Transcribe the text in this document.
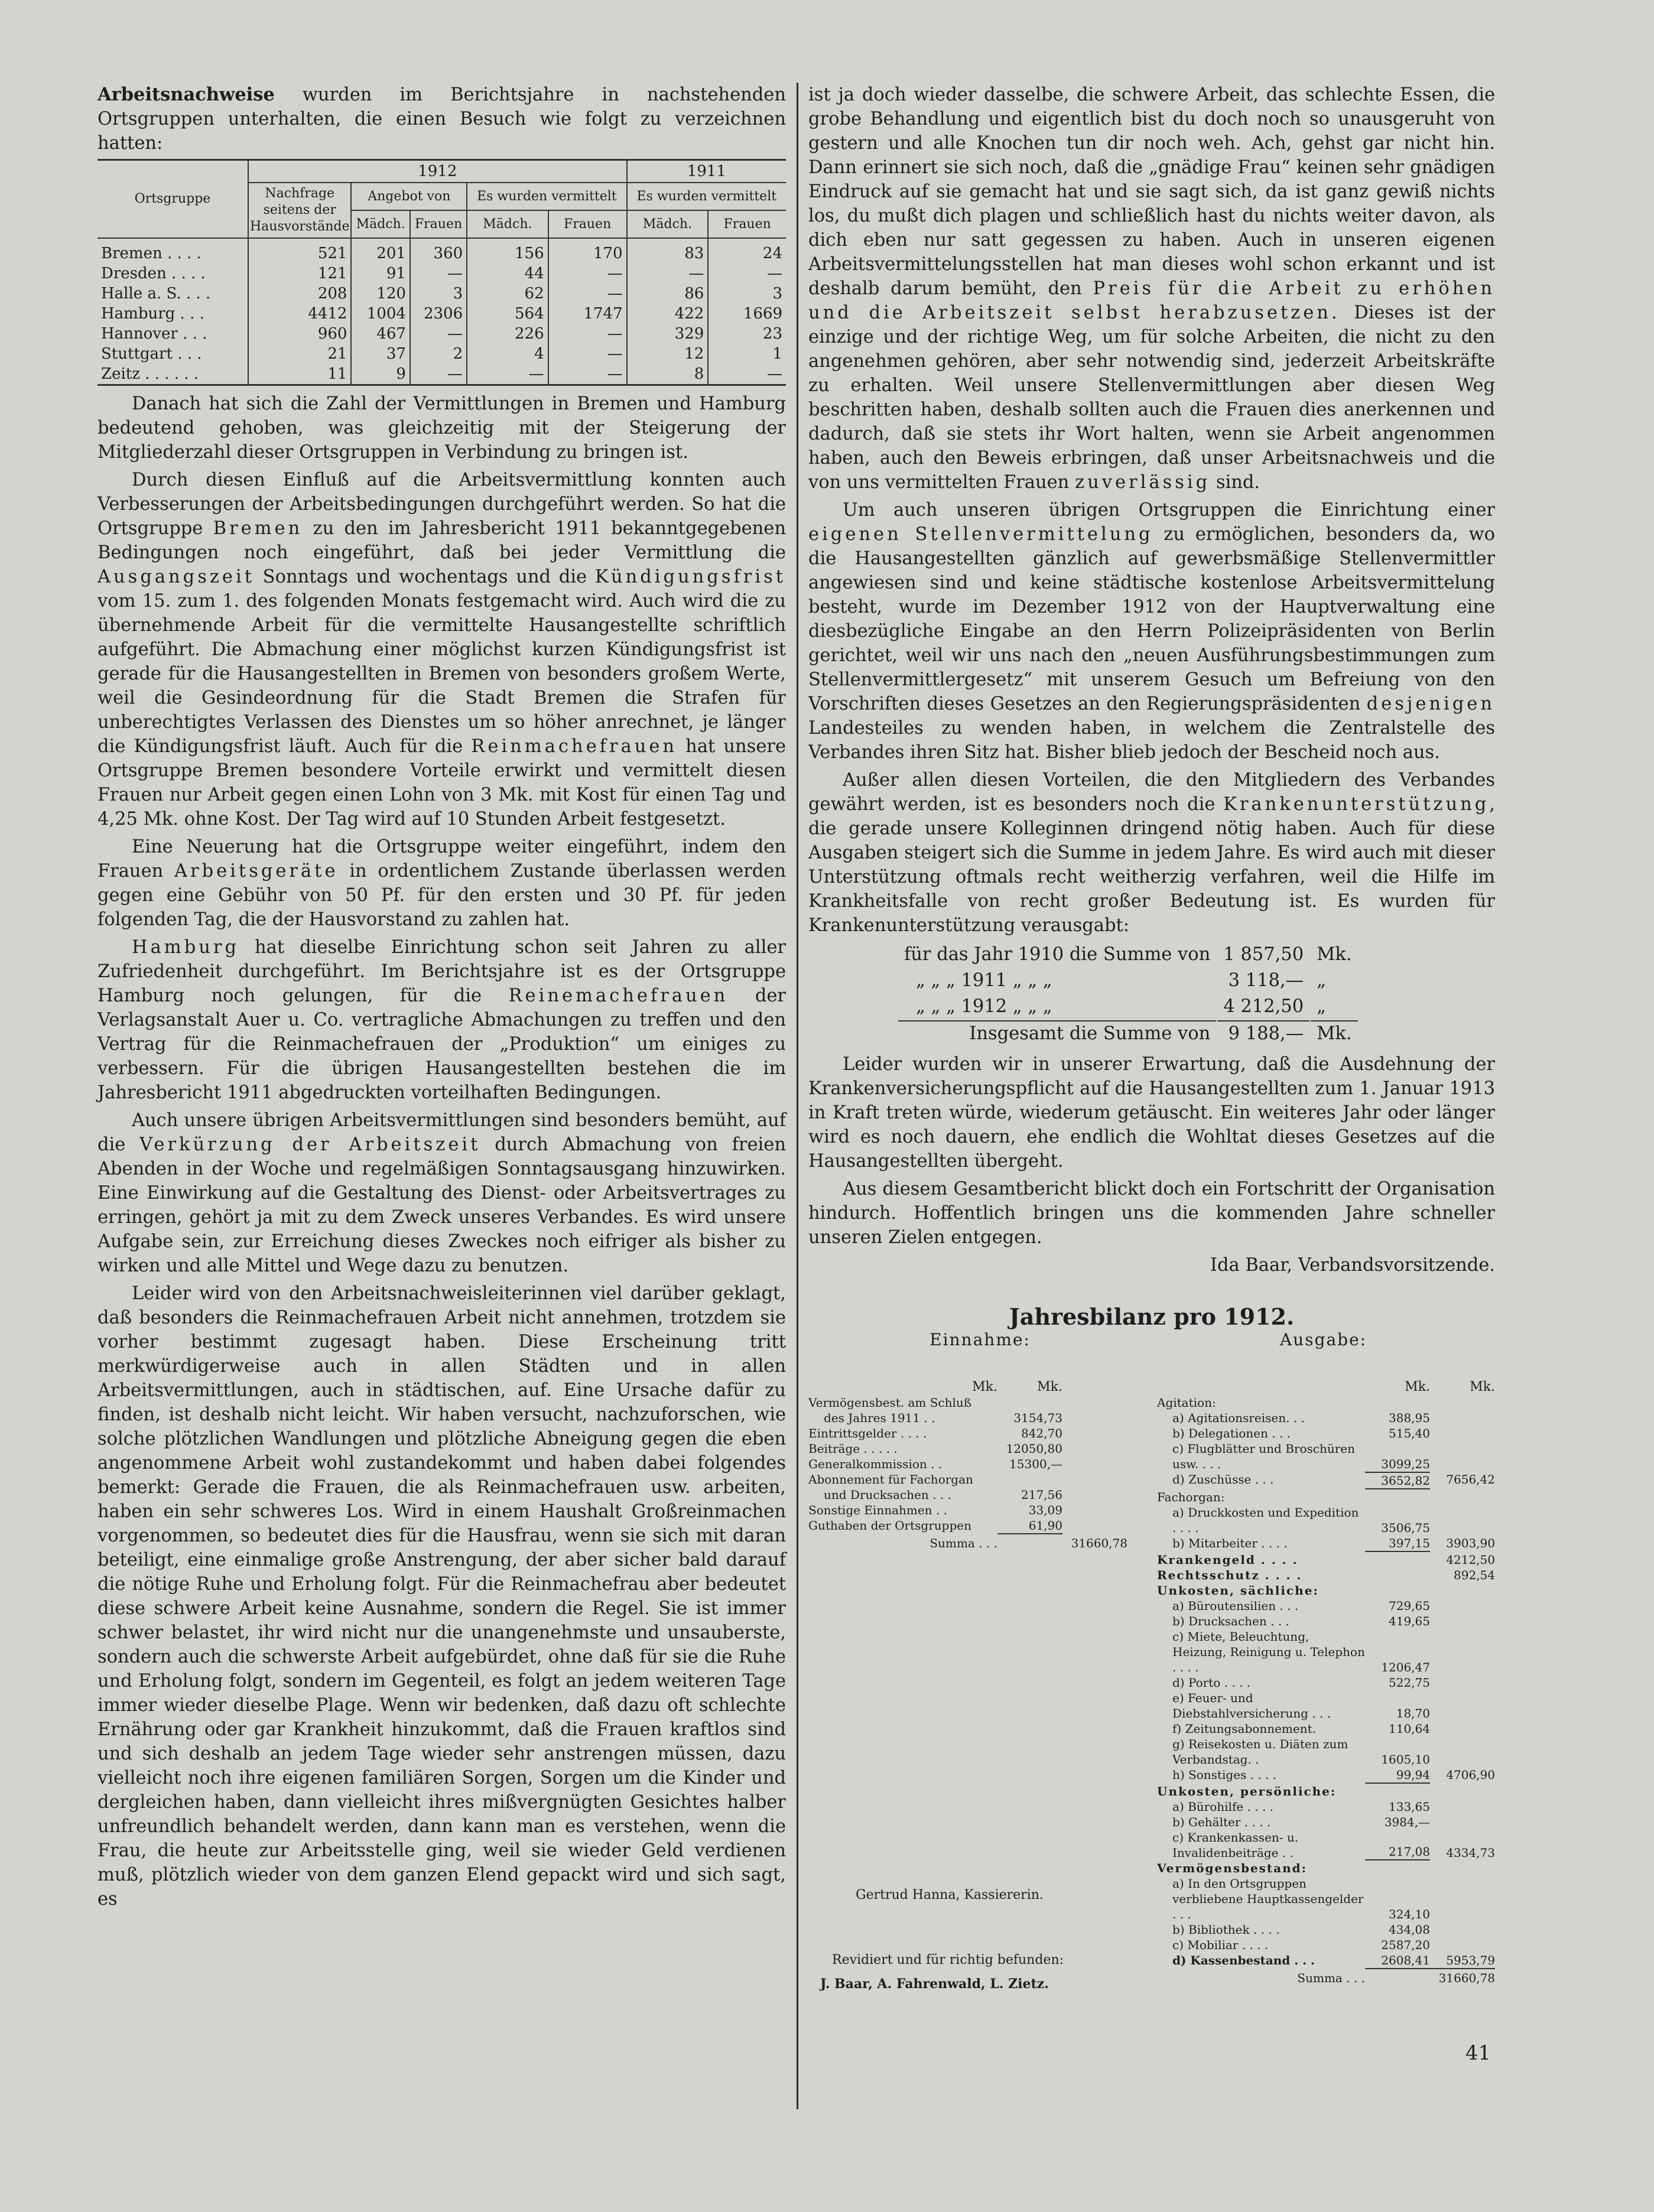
Arbeitsnachweise wurden im Berichtsjahre in nachstehenden Ortsgruppen unterhalten, die einen Besuch wie folgt zu verzeichnen hatten:

Ortsgruppe	1912					1911	
	Nachfrage seitens der Hausvorstände	Angebot von		Es wurden vermittelt		Es wurden vermittelt	
		Mädch.	Frauen	Mädch.	Frauen	Mädch.	Frauen
Bremen . . . .	521	201	360	156	170	83	24
Dresden . . . .	121	91	—	44	—	—	—
Halle a. S. . . .	208	120	3	62	—	86	3
Hamburg . . .	4412	1004	2306	564	1747	422	1669
Hannover . . .	960	467	—	226	—	329	23
Stuttgart . . .	21	37	2	4	—	12	1
Zeitz . . . . . .	11	9	—	—	—	8	—

Danach hat sich die Zahl der Vermittlungen in Bremen und Hamburg bedeutend gehoben, was gleichzeitig mit der Steigerung der Mitgliederzahl dieser Ortsgruppen in Verbindung zu bringen ist.

Durch diesen Einfluß auf die Arbeitsvermittlung konnten auch Verbesserungen der Arbeitsbedingungen durchgeführt werden. So hat die Ortsgruppe Bremen zu den im Jahresbericht 1911 bekanntgegebenen Bedingungen noch eingeführt, daß bei jeder Vermittlung die Ausgangszeit Sonntags und wochentags und die Kündigungsfrist vom 15. zum 1. des folgenden Monats festgemacht wird. Auch wird die zu übernehmende Arbeit für die vermittelte Hausangestellte schriftlich aufgeführt. Die Abmachung einer möglichst kurzen Kündigungsfrist ist gerade für die Hausangestellten in Bremen von besonders großem Werte, weil die Gesindeordnung für die Stadt Bremen die Strafen für unberechtigtes Verlassen des Dienstes um so höher anrechnet, je länger die Kündigungsfrist läuft. Auch für die Reinmachefrauen hat unsere Ortsgruppe Bremen besondere Vorteile erwirkt und vermittelt diesen Frauen nur Arbeit gegen einen Lohn von 3 Mk. mit Kost für einen Tag und 4,25 Mk. ohne Kost. Der Tag wird auf 10 Stunden Arbeit festgesetzt.

Eine Neuerung hat die Ortsgruppe weiter eingeführt, indem den Frauen Arbeitsgeräte in ordentlichem Zustande überlassen werden gegen eine Gebühr von 50 Pf. für den ersten und 30 Pf. für jeden folgenden Tag, die der Hausvorstand zu zahlen hat.

Hamburg hat dieselbe Einrichtung schon seit Jahren zu aller Zufriedenheit durchgeführt. Im Berichtsjahre ist es der Ortsgruppe Hamburg noch gelungen, für die Reinemachefrauen der Verlagsanstalt Auer u. Co. vertragliche Abmachungen zu treffen und den Vertrag für die Reinmachefrauen der „Produktion“ um einiges zu verbessern. Für die übrigen Hausangestellten bestehen die im Jahresbericht 1911 abgedruckten vorteilhaften Bedingungen.

Auch unsere übrigen Arbeitsvermittlungen sind besonders bemüht, auf die Verkürzung der Arbeitszeit durch Abmachung von freien Abenden in der Woche und regelmäßigen Sonntagsausgang hinzuwirken. Eine Einwirkung auf die Gestaltung des Dienst- oder Arbeitsvertrages zu erringen, gehört ja mit zu dem Zweck unseres Verbandes. Es wird unsere Aufgabe sein, zur Erreichung dieses Zweckes noch eifriger als bisher zu wirken und alle Mittel und Wege dazu zu benutzen.

Leider wird von den Arbeitsnachweisleiterinnen viel darüber geklagt, daß besonders die Reinmachefrauen Arbeit nicht annehmen, trotzdem sie vorher bestimmt zugesagt haben. Diese Erscheinung tritt merkwürdigerweise auch in allen Städten und in allen Arbeitsvermittlungen, auch in städtischen, auf. Eine Ursache dafür zu finden, ist deshalb nicht leicht. Wir haben versucht, nachzuforschen, wie solche plötzlichen Wandlungen und plötzliche Abneigung gegen die eben angenommene Arbeit wohl zustandekommt und haben dabei folgendes bemerkt: Gerade die Frauen, die als Reinmachefrauen usw. arbeiten, haben ein sehr schweres Los. Wird in einem Haushalt Großreinmachen vorgenommen, so bedeutet dies für die Hausfrau, wenn sie sich mit daran beteiligt, eine einmalige große Anstrengung, der aber sicher bald darauf die nötige Ruhe und Erholung folgt. Für die Reinmachefrau aber bedeutet diese schwere Arbeit keine Ausnahme, sondern die Regel. Sie ist immer schwer belastet, ihr wird nicht nur die unangenehmste und unsauberste, sondern auch die schwerste Arbeit aufgebürdet, ohne daß für sie die Ruhe und Erholung folgt, sondern im Gegenteil, es folgt an jedem weiteren Tage immer wieder dieselbe Plage. Wenn wir bedenken, daß dazu oft schlechte Ernährung oder gar Krankheit hinzukommt, daß die Frauen kraftlos sind und sich deshalb an jedem Tage wieder sehr anstrengen müssen, dazu vielleicht noch ihre eigenen familiären Sorgen, Sorgen um die Kinder und dergleichen haben, dann vielleicht ihres mißvergnügten Gesichtes halber unfreundlich behandelt werden, dann kann man es verstehen, wenn die Frau, die heute zur Arbeitsstelle ging, weil sie wieder Geld verdienen muß, plötzlich wieder von dem ganzen Elend gepackt wird und sich sagt, es

ist ja doch wieder dasselbe, die schwere Arbeit, das schlechte Essen, die grobe Behandlung und eigentlich bist du doch noch so unausgeruht von gestern und alle Knochen tun dir noch weh. Ach, gehst gar nicht hin. Dann erinnert sie sich noch, daß die „gnädige Frau“ keinen sehr gnädigen Eindruck auf sie gemacht hat und sie sagt sich, da ist ganz gewiß nichts los, du mußt dich plagen und schließlich hast du nichts weiter davon, als dich eben nur satt gegessen zu haben. Auch in unseren eigenen Arbeitsvermittelungsstellen hat man dieses wohl schon erkannt und ist deshalb darum bemüht, den Preis für die Arbeit zu erhöhen und die Arbeitszeit selbst herabzusetzen. Dieses ist der einzige und der richtige Weg, um für solche Arbeiten, die nicht zu den angenehmen gehören, aber sehr notwendig sind, jederzeit Arbeitskräfte zu erhalten. Weil unsere Stellenvermittlungen aber diesen Weg beschritten haben, deshalb sollten auch die Frauen dies anerkennen und dadurch, daß sie stets ihr Wort halten, wenn sie Arbeit angenommen haben, auch den Beweis erbringen, daß unser Arbeitsnachweis und die von uns vermittelten Frauen zuverlässig sind.

Um auch unseren übrigen Ortsgruppen die Einrichtung einer eigenen Stellenvermittelung zu ermöglichen, besonders da, wo die Hausangestellten gänzlich auf gewerbsmäßige Stellenvermittler angewiesen sind und keine städtische kostenlose Arbeitsvermittelung besteht, wurde im Dezember 1912 von der Hauptverwaltung eine diesbezügliche Eingabe an den Herrn Polizeipräsidenten von Berlin gerichtet, weil wir uns nach den „neuen Ausführungsbestimmungen zum Stellenvermittlergesetz“ mit unserem Gesuch um Befreiung von den Vorschriften dieses Gesetzes an den Regierungspräsidenten desjenigen Landesteiles zu wenden haben, in welchem die Zentralstelle des Verbandes ihren Sitz hat. Bisher blieb jedoch der Bescheid noch aus.

Außer allen diesen Vorteilen, die den Mitgliedern des Verbandes gewährt werden, ist es besonders noch die Krankenunterstützung, die gerade unsere Kolleginnen dringend nötig haben. Auch für diese Ausgaben steigert sich die Summe in jedem Jahre. Es wird auch mit dieser Unterstützung oftmals recht weitherzig verfahren, weil die Hilfe im Krankheitsfalle von recht großer Bedeutung ist. Es wurden für Krankenunterstützung verausgabt:

für das Jahr 1910 die Summe von	1 857,50	Mk.
„ „ „ 1911 „ „ „	3 118,—	„
„ „ „ 1912 „ „ „	4 212,50	„
Insgesamt die Summe von	9 188,—	Mk.

Leider wurden wir in unserer Erwartung, daß die Ausdehnung der Krankenversicherungspflicht auf die Hausangestellten zum 1. Januar 1913 in Kraft treten würde, wiederum getäuscht. Ein weiteres Jahr oder länger wird es noch dauern, ehe endlich die Wohltat dieses Gesetzes auf die Hausangestellten übergeht.

Aus diesem Gesamtbericht blickt doch ein Fortschritt der Organisation hindurch. Hoffentlich bringen uns die kommenden Jahre schneller unseren Zielen entgegen.

Ida Baar, Verbandsvorsitzende.
Jahresbilanz pro 1912.
Einnahme:	Ausgabe:
Mk.	Mk.
Vermögensbest. am Schluß
des Jahres 1911 . .	3154,73
Eintrittsgelder . . . .	842,70
Beiträge . . . . .	12050,80
Generalkommission . .	15300,—
Abonnement für Fachorgan
und Drucksachen . . .	217,56
Sonstige Einnahmen . .	33,09
Guthaben der Ortsgruppen	61,90
Summa . . .	31660,78
Mk.	Mk.
Agitation:
a) Agitationsreisen. . .	388,95
b) Delegationen . . .	515,40
c) Flugblätter und Broschüren usw. . . .	3099,25
d) Zuschüsse . . .	3652,82	7656,42
Fachorgan:
a) Druckkosten und Expedition . . . .	3506,75
b) Mitarbeiter . . . .	397,15	3903,90
Krankengeld . . . .	4212,50
Rechtsschutz . . . .	892,54
Unkosten, sächliche:
a) Büroutensilien . . .	729,65
b) Drucksachen . . .	419,65
c) Miete, Beleuchtung, Heizung, Reinigung u. Telephon . . . .	1206,47
d) Porto . . . .	522,75
e) Feuer- und Diebstahlversicherung . . .	18,70
f) Zeitungsabonnement.	110,64
g) Reisekosten u. Diäten zum Verbandstag. .	1605,10
h) Sonstiges . . . .	99,94	4706,90
Unkosten, persönliche:
a) Bürohilfe . . . .	133,65
b) Gehälter . . . .	3984,—
c) Krankenkassen- u. Invalidenbeiträge . .	217,08	4334,73
Vermögensbestand:
a) In den Ortsgruppen verbliebene Hauptkassengelder . . .	324,10
b) Bibliothek . . . .	434,08
c) Mobiliar . . . .	2587,20
d) Kassenbestand . . .	2608,41	5953,79
Summa . . .	31660,78
Gertrud Hanna, Kassiererin.
Revidiert und für richtig befunden:
J. Baar, A. Fahrenwald, L. Zietz.
41
